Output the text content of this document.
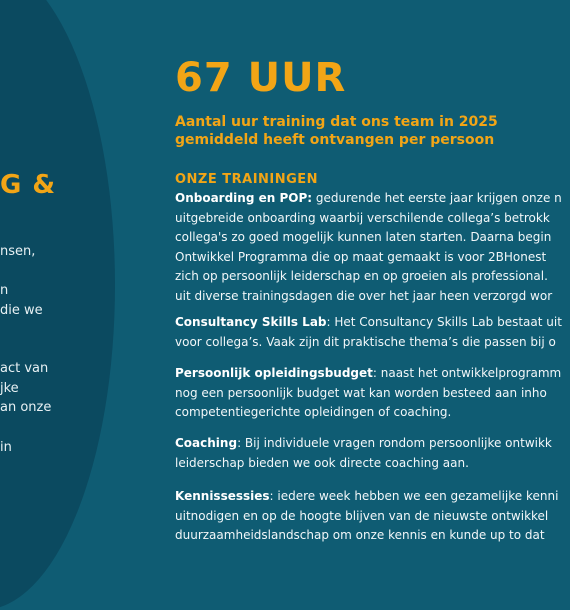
G &
nsen,
n
die we
act van
jke
an onze
in
67 UUR
Aantal uur training dat ons team in 2025
gemiddeld heeft ontvangen per persoon
ONZE TRAININGEN
Onboarding en POP: gedurende het eerste jaar krijgen onze n
uitgebreide onboarding waarbij verschilende collega’s betrokk
collega's zo goed mogelijk kunnen laten starten. Daarna begin
Ontwikkel Programma die op maat gemaakt is voor 2BHonest
zich op persoonlijk leiderschap en op groeien als professional.
uit diverse trainingsdagen die over het jaar heen verzorgd wor
Consultancy Skills Lab: Het Consultancy Skills Lab bestaat uit
voor collega’s. Vaak zijn dit praktische thema’s die passen bij o
Persoonlijk opleidingsbudget: naast het ontwikkelprogramm
nog een persoonlijk budget wat kan worden besteed aan inho
competentiegerichte opleidingen of coaching.
Coaching: Bij individuele vragen rondom persoonlijke ontwikk
leiderschap bieden we ook directe coaching aan.
Kennissessies: iedere week hebben we een gezamelijke kenni
uitnodigen en op de hoogte blijven van de nieuwste ontwikkel
duurzaamheidslandschap om onze kennis en kunde up to dat
